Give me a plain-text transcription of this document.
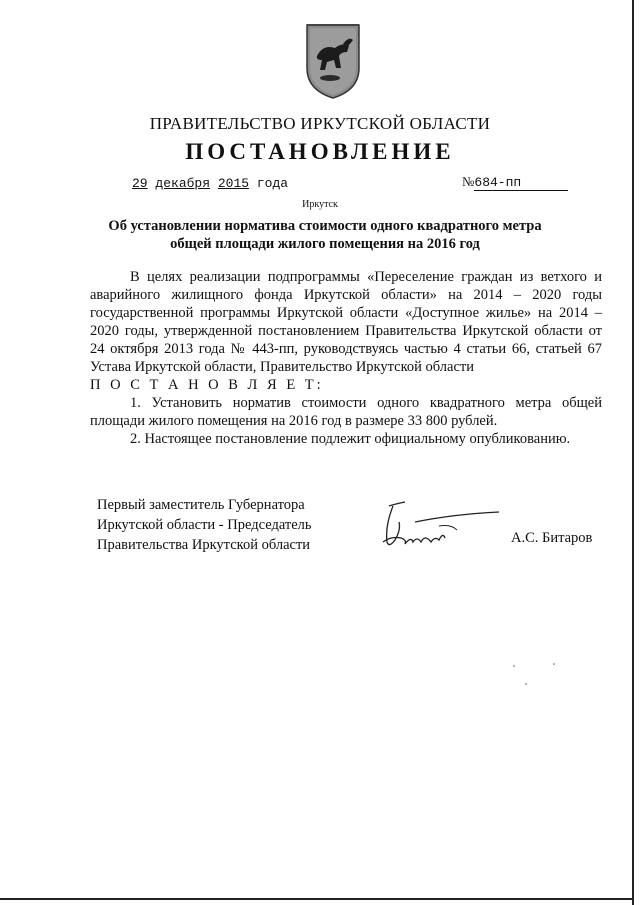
ПРАВИТЕЛЬСТВО ИРКУТСКОЙ ОБЛАСТИ
ПОСТАНОВЛЕНИЕ
29 декабря 2015 года	№684-пп
Иркутск
Об установлении норматива стоимости одного квадратного метра общей площади жилого помещения на 2016 год

В целях реализации подпрограммы «Переселение граждан из ветхого и аварийного жилищного фонда Иркутской области» на 2014 – 2020 годы государственной программы Иркутской области «Доступное жилье» на 2014 – 2020 годы, утвержденной постановлением Правительства Иркутской области от 24 октября 2013 года № 443-пп, руководствуясь частью 4 статьи 66, статьей 67 Устава Иркутской области, Правительство Иркутской области

П О С Т А Н О В Л Я Е Т:

1. Установить норматив стоимости одного квадратного метра общей площади жилого помещения на 2016 год в размере 33 800 рублей.

2. Настоящее постановление подлежит официальному опубликованию.

Первый заместитель Губернатора
Иркутской области - Председатель
Правительства Иркутской области	А.С. Битаров
